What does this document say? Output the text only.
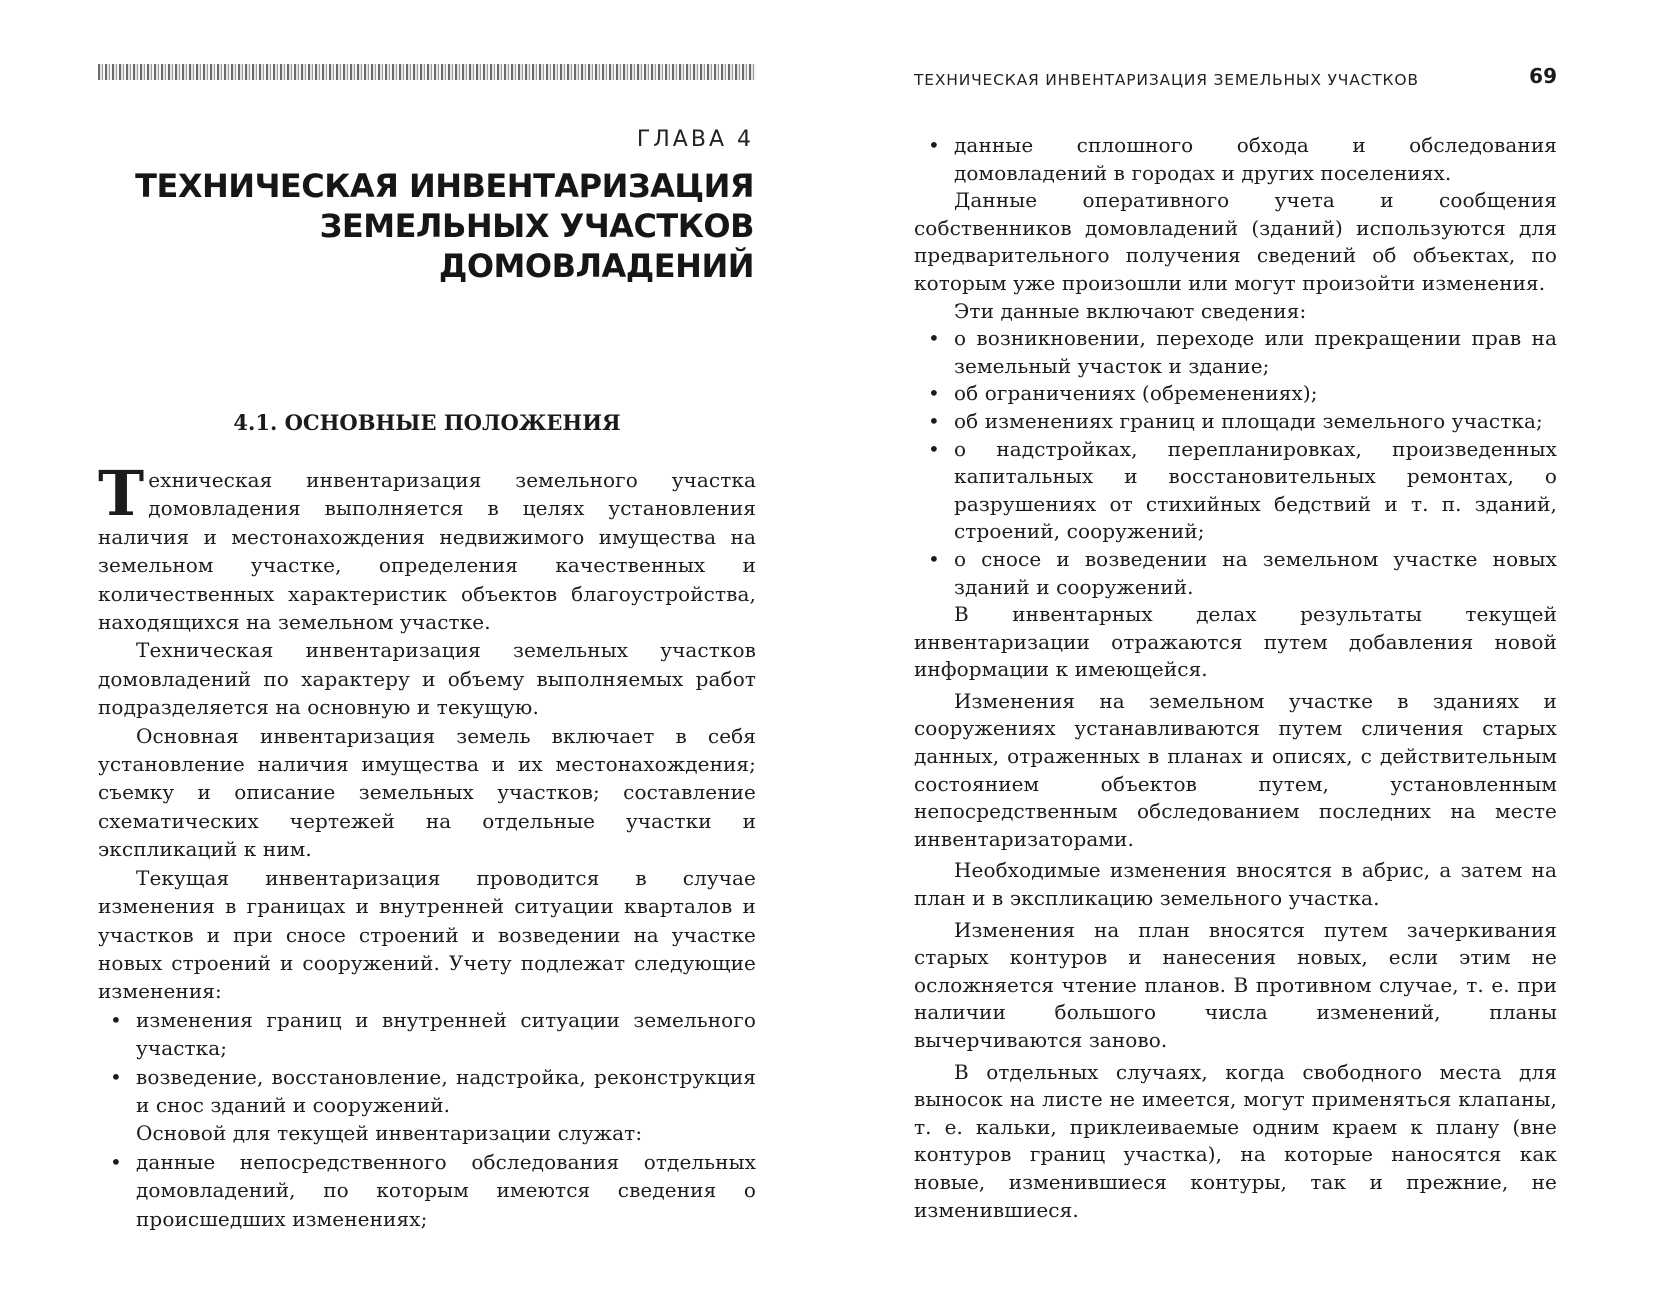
ГЛАВА 4
ТЕХНИЧЕСКАЯ ИНВЕНТАРИЗАЦИЯ
ЗЕМЕЛЬНЫХ УЧАСТКОВ ДОМОВЛАДЕНИЙ
4.1. ОСНОВНЫЕ ПОЛОЖЕНИЯ

Техническая инвентаризация земельного участка домовладения выполняется в целях установления наличия и местонахождения недвижимого имущества на земельном участке, определения качественных и количественных характеристик объектов благоустройства, находящихся на земельном участке.

Техническая инвентаризация земельных участков домовладений по характеру и объему выполняемых работ подразделяется на основную и текущую.

Основная инвентаризация земель включает в себя установление наличия имущества и их местонахождения; съемку и описание земельных участков; составление схематических чертежей на отдельные участки и экспликаций к ним.

Текущая инвентаризация проводится в случае изменения в границах и внутренней ситуации кварталов и участков и при сносе строений и возведении на участке новых строений и сооружений. Учету подлежат следующие изменения:

• изменения границ и внутренней ситуации земельного участка;
• возведение, восстановление, надстройка, реконструкция и снос зданий и сооружений.

Основой для текущей инвентаризации служат:

• данные непосредственного обследования отдельных домовладений, по которым имеются сведения о происшедших изменениях;
ТЕХНИЧЕСКАЯ ИНВЕНТАРИЗАЦИЯ ЗЕМЕЛЬНЫХ УЧАСТКОВ	69
• данные сплошного обхода и обследования домовладений в городах и других поселениях.

Данные оперативного учета и сообщения собственников домовладений (зданий) используются для предварительного получения сведений об объектах, по которым уже произошли или могут произойти изменения.

Эти данные включают сведения:

• о возникновении, переходе или прекращении прав на земельный участок и здание;
• об ограничениях (обременениях);
• об изменениях границ и площади земельного участка;
• о надстройках, перепланировках, произведенных капитальных и восстановительных ремонтах, о разрушениях от стихийных бедствий и т. п. зданий, строений, сооружений;
• о сносе и возведении на земельном участке новых зданий и сооружений.

В инвентарных делах результаты текущей инвентаризации отражаются путем добавления новой информации к имеющейся.

Изменения на земельном участке в зданиях и сооружениях устанавливаются путем сличения старых данных, отраженных в планах и описях, с действительным состоянием объектов путем, установленным непосредственным обследованием последних на месте инвентаризаторами.

Необходимые изменения вносятся в абрис, а затем на план и в экспликацию земельного участка.

Изменения на план вносятся путем зачеркивания старых контуров и нанесения новых, если этим не осложняется чтение планов. В противном случае, т. е. при наличии большого числа изменений, планы вычерчиваются заново.

В отдельных случаях, когда свободного места для выносок на листе не имеется, могут применяться клапаны, т. е. кальки, приклеиваемые одним краем к плану (вне контуров границ участка), на которые наносятся как новые, изменившиеся контуры, так и прежние, не изменившиеся.
